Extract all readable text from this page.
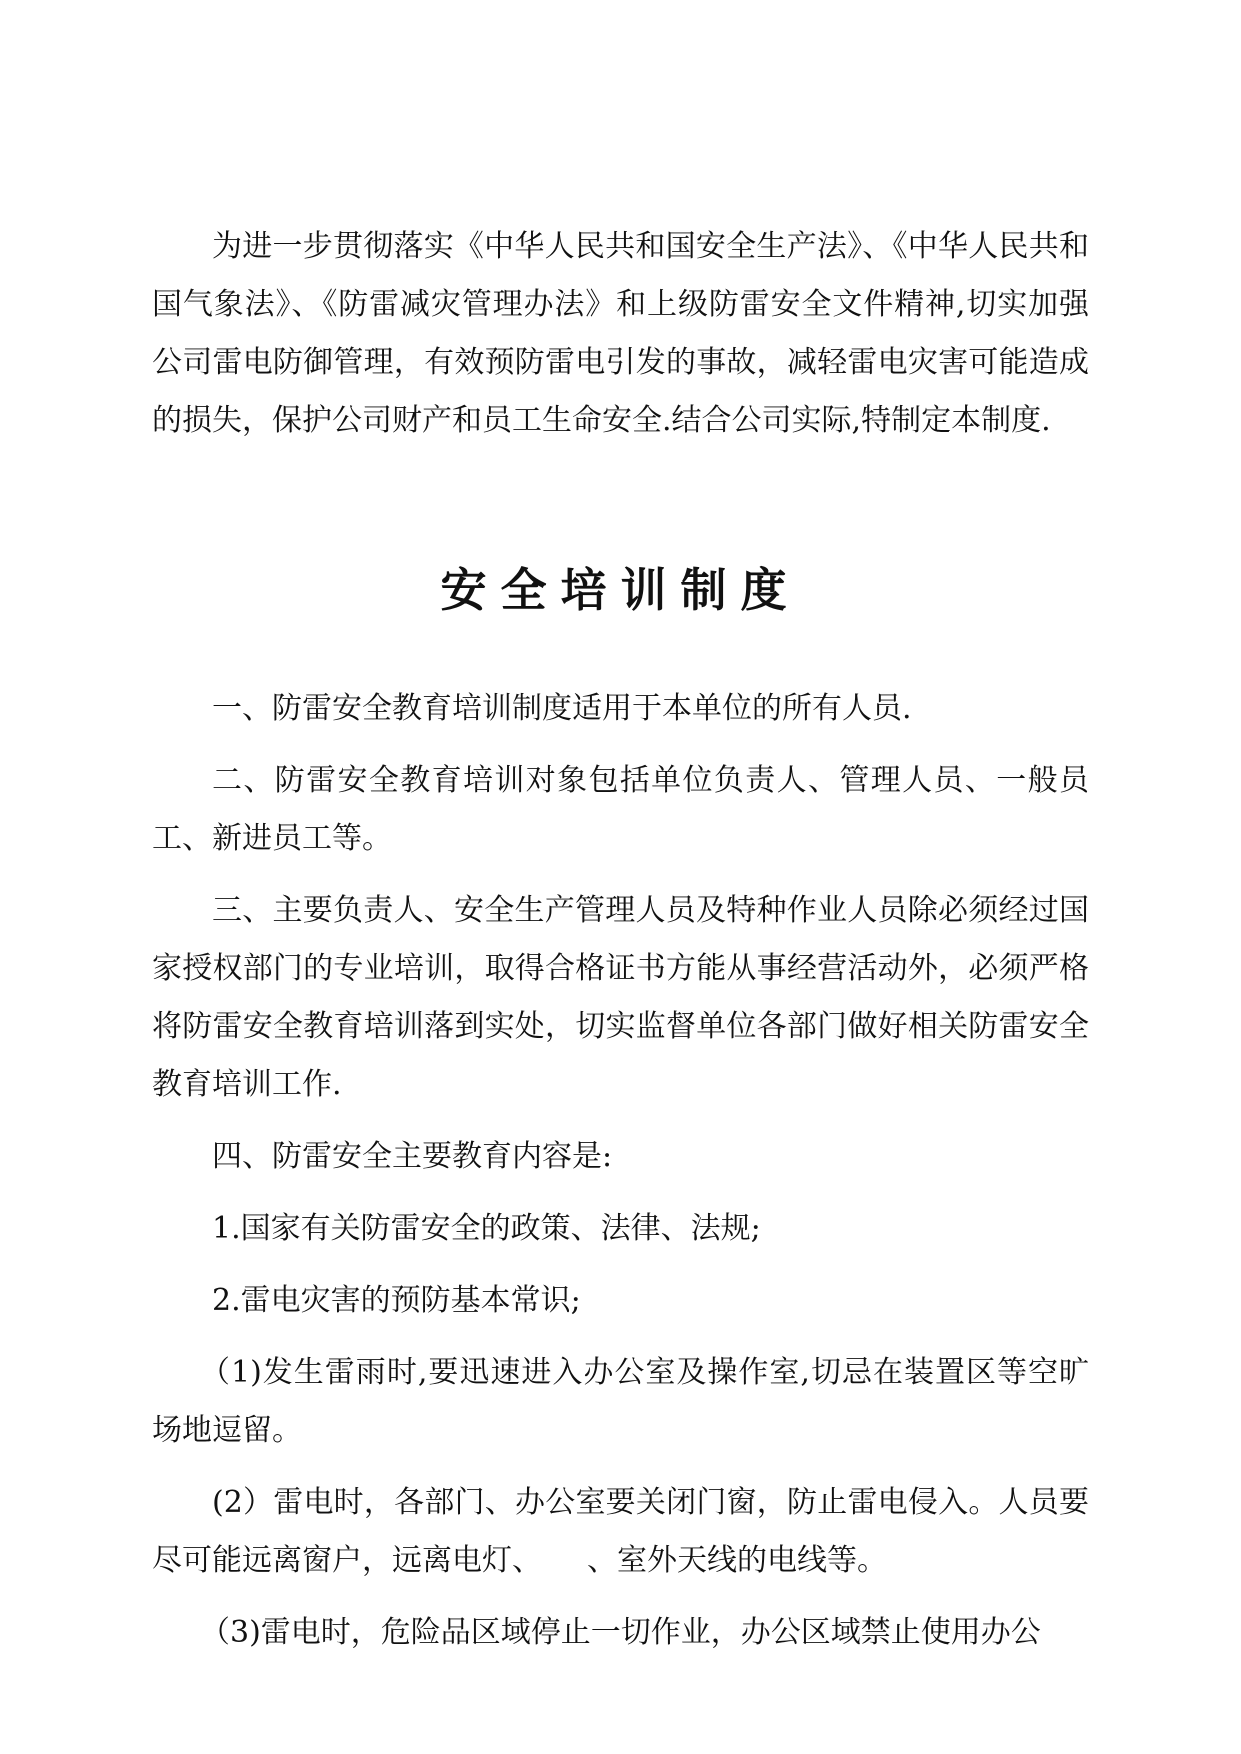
为进一步贯彻落实《中华人民共和国安全生产法》、《中华人民共和国气象法》、《防雷减灾管理办法》和上级防雷安全文件精神,切实加强公司雷电防御管理，有效预防雷电引发的事故，减轻雷电灾害可能造成的损失，保护公司财产和员工生命安全.结合公司实际,特制定本制度.

安全培训制度

一、防雷安全教育培训制度适用于本单位的所有人员.

二、防雷安全教育培训对象包括单位负责人、管理人员、一般员工、新进员工等。

三、主要负责人、安全生产管理人员及特种作业人员除必须经过国家授权部门的专业培训，取得合格证书方能从事经营活动外，必须严格将防雷安全教育培训落到实处，切实监督单位各部门做好相关防雷安全教育培训工作.

四、防雷安全主要教育内容是:

1.国家有关防雷安全的政策、法律、法规;

2.雷电灾害的预防基本常识;

（1)发生雷雨时,要迅速进入办公室及操作室,切忌在装置区等空旷场地逗留。

(2）雷电时，各部门、办公室要关闭门窗，防止雷电侵入。人员要尽可能远离窗户，远离电灯、　　、室外天线的电线等。

（3)雷电时，危险品区域停止一切作业，办公区域禁止使用办公
